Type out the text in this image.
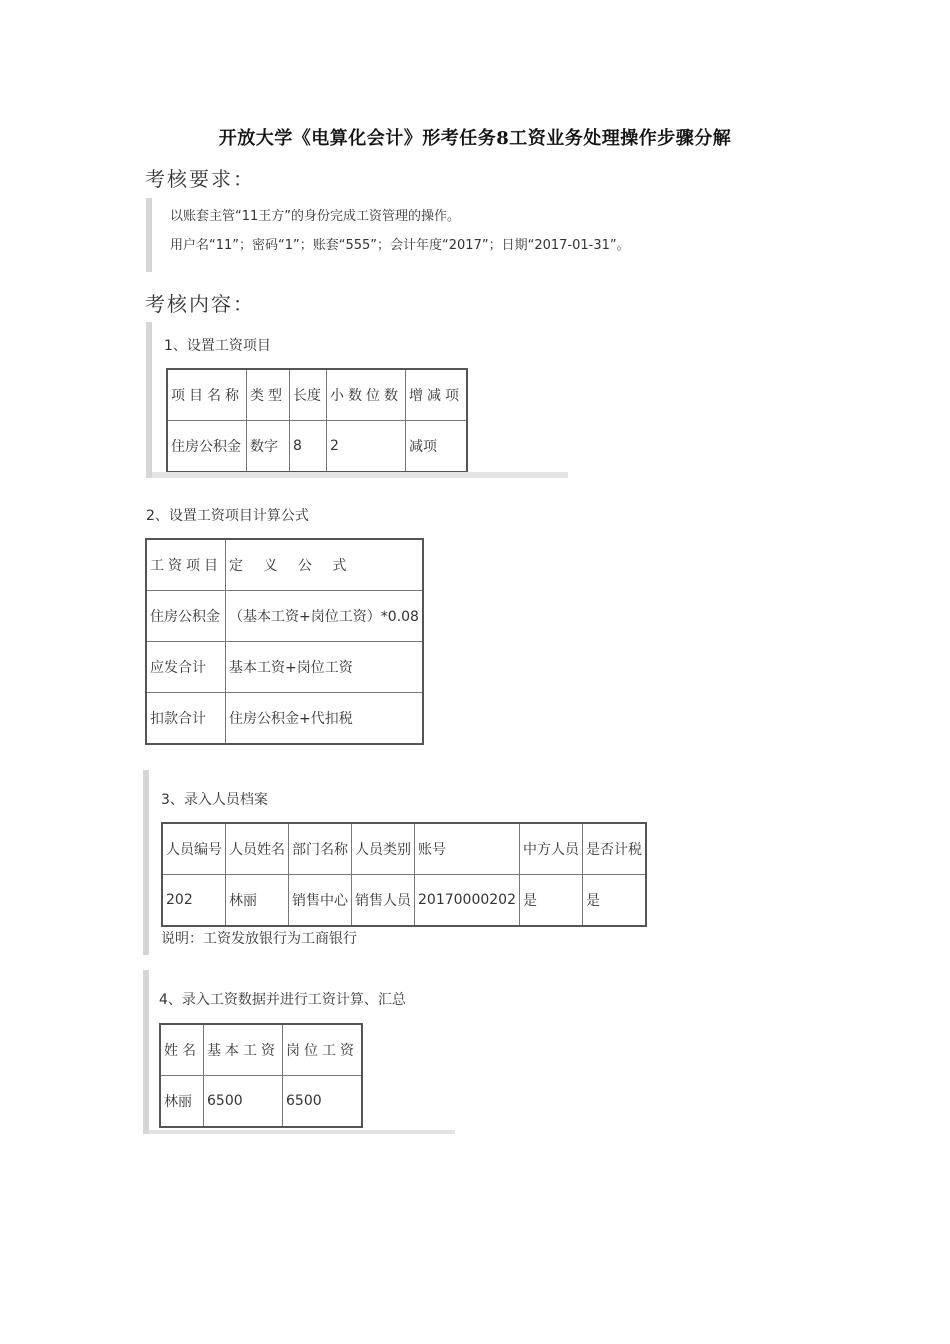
开放大学《电算化会计》形考任务8工资业务处理操作步骤分解
考核要求：
以账套主管“11王方”的身份完成工资管理的操作。
用户名“11”；密码“1”；账套“555”；会计年度“2017”；日期“2017-01-31”。
考核内容：
1、设置工资项目
项目名称	类型	长度	小数位数	增减项
住房公积金	数字	8	2	减项
2、设置工资项目计算公式
工资项目	定 义 公 式
住房公积金	（基本工资+岗位工资）*0.08
应发合计	基本工资+岗位工资
扣款合计	住房公积金+代扣税
3、录入人员档案
人员编号	人员姓名	部门名称	人员类别	账号	中方人员	是否计税
202	林丽	销售中心	销售人员	20170000202	是	是
说明：工资发放银行为工商银行
4、录入工资数据并进行工资计算、汇总
姓名	基本工资	岗位工资
林丽	6500	6500
